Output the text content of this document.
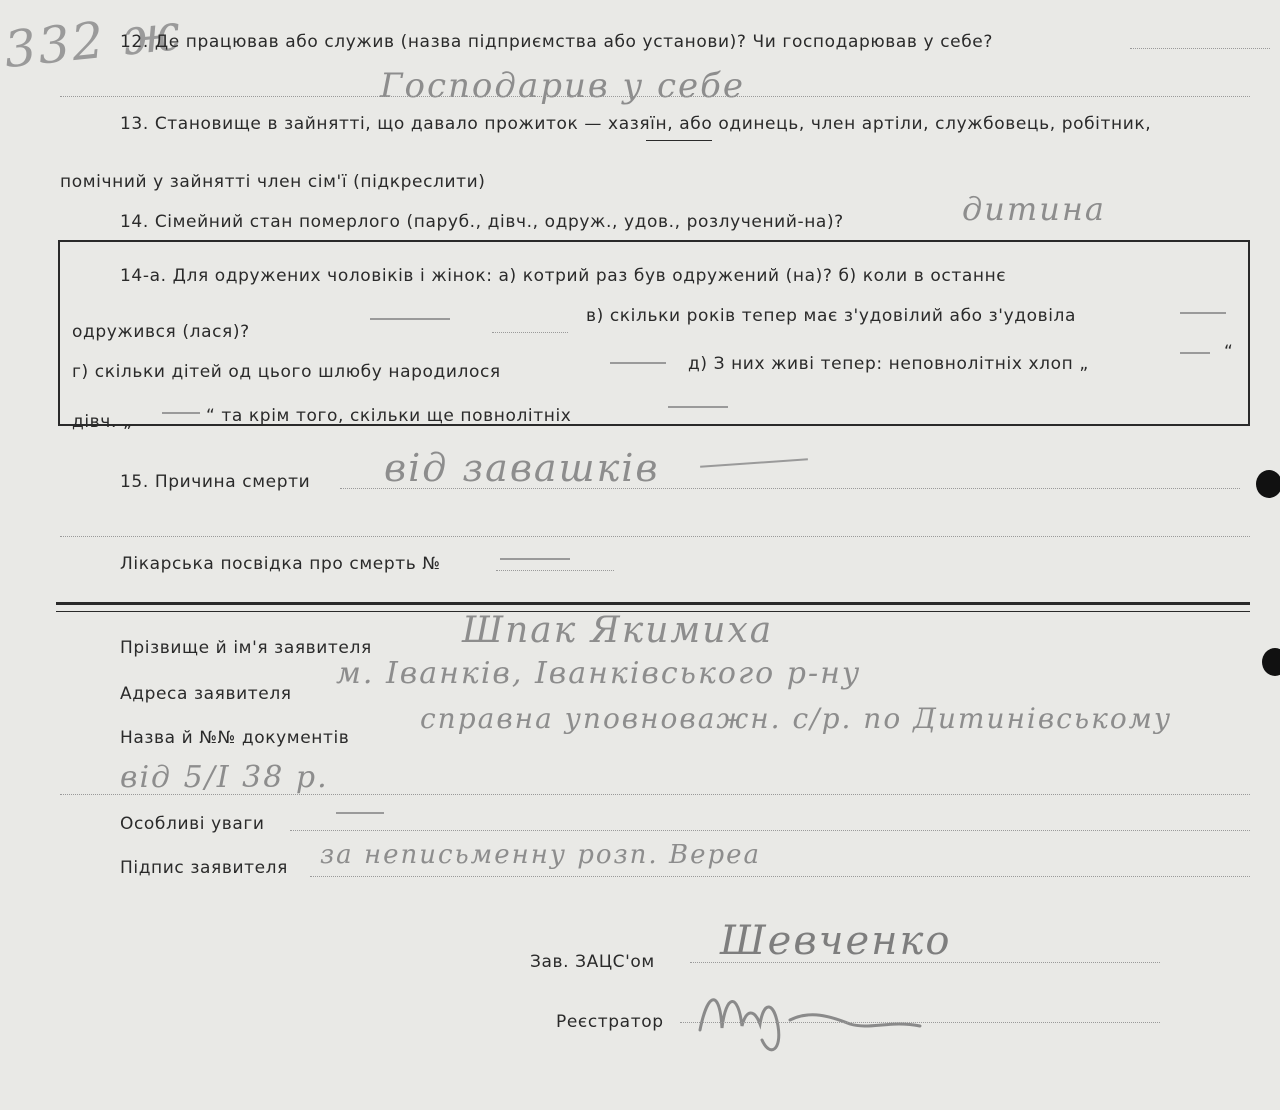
332 ж
12. Де працював або служив (назва підприємства або установи)? Чи господарював у себе?
Господарив у себе
13. Становище в зайнятті, що давало прожиток — хазяїн, або одинець, член артіли, службовець, робітник,
помічний у зайнятті член сім'ї (підкреслити)
14. Сімейний стан померлого (паруб., дівч., одруж., удов., розлучений-на)?	дитина
14-а. Для одружених чоловіків і жінок: а) котрий раз був одружений (на)? б) коли в останнє
одружився (лася)?
в) скільки років тепер має з'удовілий або з'удовіла
г) скільки дітей од цього шлюбу народилося	д) З них живі тепер: неповнолітніх хлоп „
“
дівч. „	“ та крім того, скільки ще повнолітніх
15. Причина смерти від завашків
Лікарська посвідка про смерть №
Прізвище й ім'я заявителя	Шпак Якимиха
Адреса заявителя
м. Іванків, Іванківського р-ну
Назва й №№ документів
справна уповноважн. с/р. по Дитинівському
від 5/І 38 р.
Особливі уваги
Підпис заявителя за неписьменну розп. Вереа
Зав. ЗАЦС'ом Шевченко
Реєстратор
